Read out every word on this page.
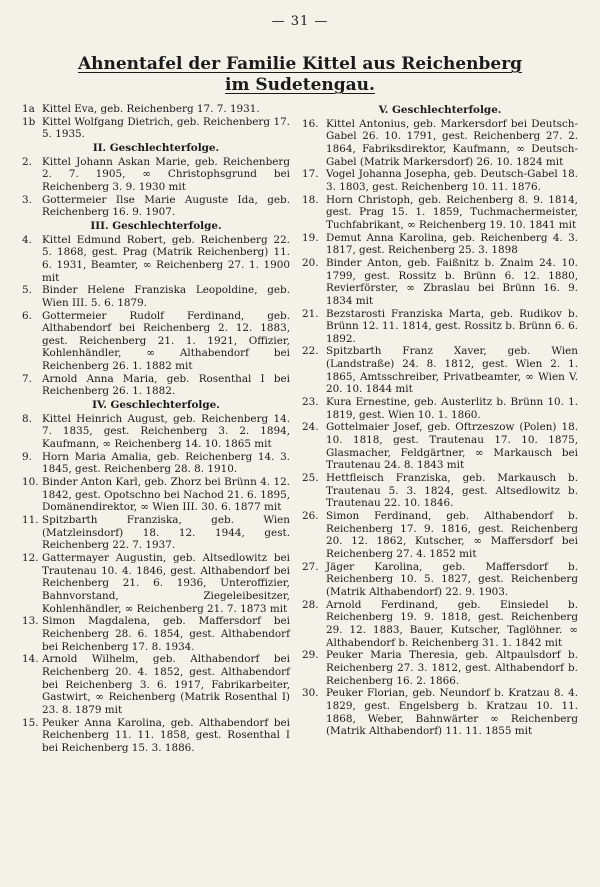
— 31 —
Ahnentafel der Familie Kittel aus Reichenberg
im Sudetengau.
1a Kittel Eva, geb. Reichenberg 17. 7. 1931.
1b Kittel Wolfgang Dietrich, geb. Reichenberg 17. 5. 1935.
II. Geschlechterfolge.
2. Kittel Johann Askan Marie, geb. Reichenberg 2. 7. 1905, ∞ Christophsgrund bei Reichenberg 3. 9. 1930 mit
3. Gottermeier Ilse Marie Auguste Ida, geb. Reichenberg 16. 9. 1907.
III. Geschlechterfolge.
4. Kittel Edmund Robert, geb. Reichenberg 22. 5. 1868, gest. Prag (Matrik Reichenberg) 11. 6. 1931, Beamter, ∞ Reichenberg 27. 1. 1900 mit
5. Binder Helene Franziska Leopoldine, geb. Wien III. 5. 6. 1879.
6. Gottermeier Rudolf Ferdinand, geb. Althabendorf bei Reichenberg 2. 12. 1883, gest. Reichenberg 21. 1. 1921, Offizier, Kohlenhändler, ∞ Althabendorf bei Reichenberg 26. 1. 1882 mit
7. Arnold Anna Maria, geb. Rosenthal I bei Reichenberg 26. 1. 1882.
IV. Geschlechterfolge.
8. Kittel Heinrich August, geb. Reichenberg 14. 7. 1835, gest. Reichenberg 3. 2. 1894, Kaufmann, ∞ Reichenberg 14. 10. 1865 mit
9. Horn Maria Amalia, geb. Reichenberg 14. 3. 1845, gest. Reichenberg 28. 8. 1910.
10. Binder Anton Karl, geb. Zhorz bei Brünn 4. 12. 1842, gest. Opotschno bei Nachod 21. 6. 1895, Domänendirektor, ∞ Wien III. 30. 6. 1877 mit
11. Spitzbarth Franziska, geb. Wien (Matzleinsdorf) 18. 12. 1944, gest. Reichenberg 22. 7. 1937.
12. Gattermayer Augustin, geb. Altsedlowitz bei Trautenau 10. 4. 1846, gest. Althabendorf bei Reichenberg 21. 6. 1936, Unteroffizier, Bahnvorstand, Ziegeleibesitzer, Kohlenhändler, ∞ Reichenberg 21. 7. 1873 mit
13. Simon Magdalena, geb. Maffersdorf bei Reichenberg 28. 6. 1854, gest. Althabendorf bei Reichenberg 17. 8. 1934.
14. Arnold Wilhelm, geb. Althabendorf bei Reichenberg 20. 4. 1852, gest. Althabendorf bei Reichenberg 3. 6. 1917, Fabrikarbeiter, Gastwirt, ∞ Reichenberg (Matrik Rosenthal I) 23. 8. 1879 mit
15. Peuker Anna Karolina, geb. Althabendorf bei Reichenberg 11. 11. 1858, gest. Rosenthal I bei Reichenberg 15. 3. 1886.
V. Geschlechterfolge.
16. Kittel Antonius, geb. Markersdorf bei Deutsch-Gabel 26. 10. 1791, gest. Reichenberg 27. 2. 1864, Fabriksdirektor, Kaufmann, ∞ Deutsch-Gabel (Matrik Markersdorf) 26. 10. 1824 mit
17. Vogel Johanna Josepha, geb. Deutsch-Gabel 18. 3. 1803, gest. Reichenberg 10. 11. 1876.
18. Horn Christoph, geb. Reichenberg 8. 9. 1814, gest. Prag 15. 1. 1859, Tuchmachermeister, Tuchfabrikant, ∞ Reichenberg 19. 10. 1841 mit
19. Demut Anna Karolina, geb. Reichenberg 4. 3. 1817, gest. Reichenberg 25. 3. 1898
20. Binder Anton, geb. Faißnitz b. Znaim 24. 10. 1799, gest. Rossitz b. Brünn 6. 12. 1880, Revierförster, ∞ Zbraslau bei Brünn 16. 9. 1834 mit
21. Bezstarosti Franziska Marta, geb. Rudikov b. Brünn 12. 11. 1814, gest. Rossitz b. Brünn 6. 6. 1892.
22. Spitzbarth Franz Xaver, geb. Wien (Landstraße) 24. 8. 1812, gest. Wien 2. 1. 1865, Amtsschreiber, Privatbeamter, ∞ Wien V. 20. 10. 1844 mit
23. Kura Ernestine, geb. Austerlitz b. Brünn 10. 1. 1819, gest. Wien 10. 1. 1860.
24. Gottelmaier Josef, geb. Oftrzeszow (Polen) 18. 10. 1818, gest. Trautenau 17. 10. 1875, Glasmacher, Feldgärtner, ∞ Markausch bei Trautenau 24. 8. 1843 mit
25. Hettfleisch Franziska, geb. Markausch b. Trautenau 5. 3. 1824, gest. Altsedlowitz b. Trautenau 22. 10. 1846.
26. Simon Ferdinand, geb. Althabendorf b. Reichenberg 17. 9. 1816, gest. Reichenberg 20. 12. 1862, Kutscher, ∞ Maffersdorf bei Reichenberg 27. 4. 1852 mit
27. Jäger Karolina, geb. Maffersdorf b. Reichenberg 10. 5. 1827, gest. Reichenberg (Matrik Althabendorf) 22. 9. 1903.
28. Arnold Ferdinand, geb. Einsiedel b. Reichenberg 19. 9. 1818, gest. Reichenberg 29. 12. 1883, Bauer, Kutscher, Taglöhner. ∞ Althabendorf b. Reichenberg 31. 1. 1842 mit
29. Peuker Maria Theresia, geb. Altpaulsdorf b. Reichenberg 27. 3. 1812, gest. Althabendorf b. Reichenberg 16. 2. 1866.
30. Peuker Florian, geb. Neundorf b. Kratzau 8. 4. 1829, gest. Engelsberg b. Kratzau 10. 11. 1868, Weber, Bahnwärter ∞ Reichenberg (Matrik Althabendorf) 11. 11. 1855 mit
